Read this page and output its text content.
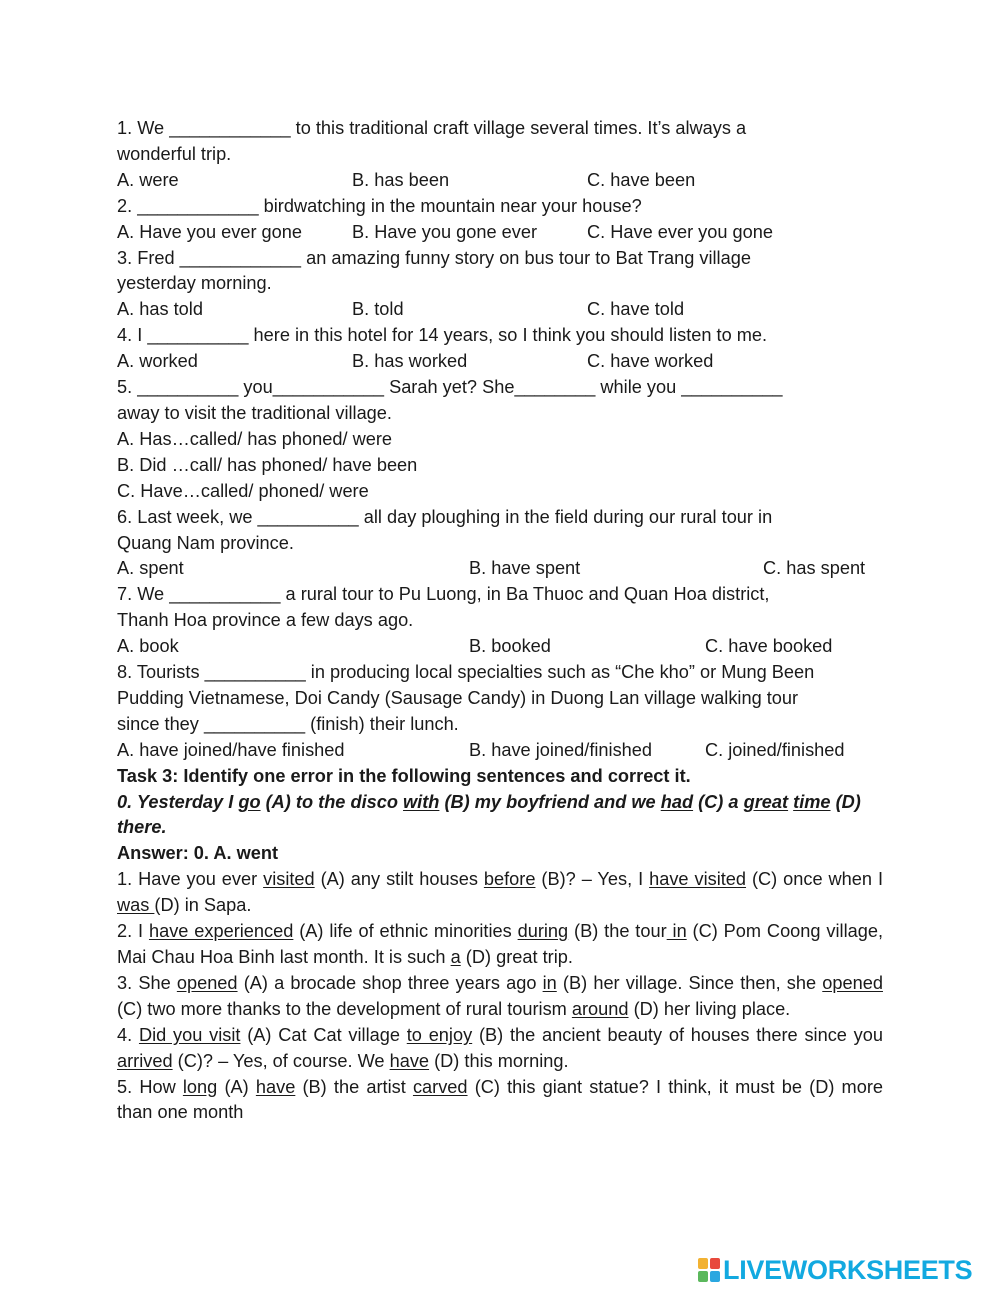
1. We ____________ to this traditional craft village several times. It’s always a
wonderful trip.
A. were	B. has been	C. have been
2. ____________ birdwatching in the mountain near your house?
A. Have you ever gone	B. Have you gone ever	C. Have ever you gone
3. Fred ____________ an amazing funny story on bus tour to Bat Trang village
yesterday morning.
A. has told	B. told	C. have told
4. I __________ here in this hotel for 14 years, so I think you should listen to me.
A. worked	B. has worked	C. have worked
5. __________ you___________ Sarah yet? She________ while you __________
away to visit the traditional village.
A. Has…called/ has phoned/ were
B. Did …call/ has phoned/ have been
C. Have…called/ phoned/ were
6. Last week, we __________ all day ploughing in the field during our rural tour in
Quang Nam province.
A. spent	B. have spent	C. has spent
7. We ___________ a rural tour to Pu Luong, in Ba Thuoc and Quan Hoa district,
Thanh Hoa province a few days ago.
A. book	B. booked	C. have booked
8. Tourists __________ in producing local specialties such as “Che kho” or Mung Been
Pudding Vietnamese, Doi Candy (Sausage Candy) in Duong Lan village walking tour
since they __________ (finish) their lunch.
A. have joined/have finished	B. have joined/finished	C. joined/finished
Task 3: Identify one error in the following sentences and correct it.
0. Yesterday I go (A) to the disco with (B) my boyfriend and we had (C) a great time (D) there.
Answer: 0. A. went
1. Have you ever visited (A) any stilt houses before (B)? – Yes, I have visited (C) once when I was (D) in Sapa.
2. I have experienced (A) life of ethnic minorities during (B) the tour in (C) Pom Coong village, Mai Chau Hoa Binh last month. It is such a (D) great trip.
3. She opened (A) a brocade shop three years ago in (B) her village. Since then, she opened (C) two more thanks to the development of rural tourism around (D) her living place.
4. Did you visit (A) Cat Cat village to enjoy (B) the ancient beauty of houses there since you arrived (C)? – Yes, of course. We have (D) this morning.
5. How long (A) have (B) the artist carved (C) this giant statue? I think, it must be (D) more than one month
LIVEWORKSHEETS
